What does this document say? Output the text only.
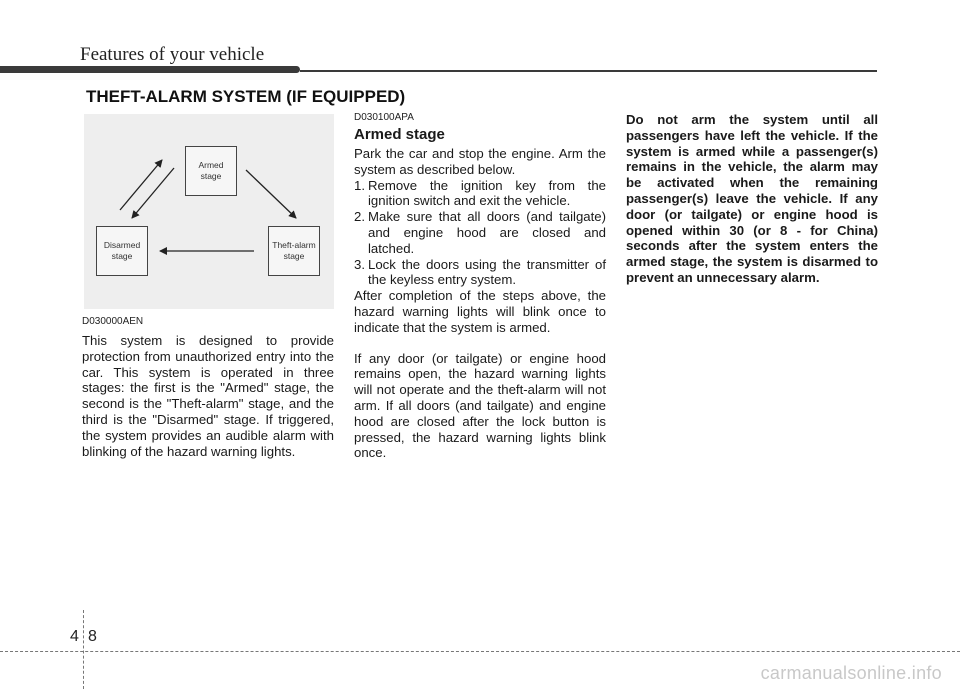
Features of your vehicle
THEFT-ALARM SYSTEM (IF EQUIPPED)
Armed
stage
Theft-alarm
stage
Disarmed
stage

D030000AEN

This system is designed to provide protection from unauthorized entry into the car. This system is operated in three stages: the first is the "Armed" stage, the second is the "Theft-alarm" stage, and the third is the "Disarmed" stage. If triggered, the system provides an audible alarm with blinking of the hazard warning lights.

D030100APA

Armed stage

Park the car and stop the engine. Arm the system as described below.

1. Remove the ignition key from the ignition switch and exit the vehicle.
2. Make sure that all doors (and tailgate) and engine hood are closed and latched.
3. Lock the doors using the transmitter of the keyless entry system.

After completion of the steps above, the hazard warning lights will blink once to indicate that the system is armed.

If any door (or tailgate) or engine hood remains open, the hazard warning lights will not operate and the theft-alarm will not arm. If all doors (and tailgate) and engine hood are closed after the lock button is pressed, the hazard warning lights blink once.

Do not arm the system until all passengers have left the vehicle. If the system is armed while a passenger(s) remains in the vehicle, the alarm may be activated when the remaining passenger(s) leave the vehicle. If any door (or tailgate) or engine hood is opened within 30 (or 8 - for China) seconds after the system enters the armed stage, the system is disarmed to prevent an unnecessary alarm.

4 8
carmanualsonline.info
